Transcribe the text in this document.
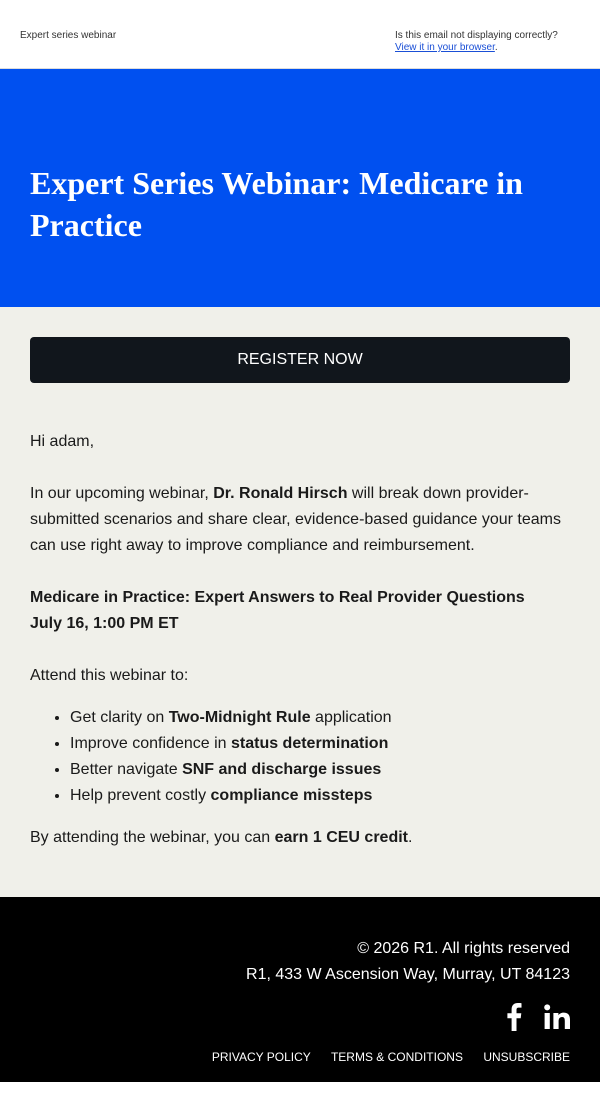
Expert series webinar	Is this email not displaying correctly?
View it in your browser.
Expert Series Webinar: Medicare in Practice
REGISTER NOW

Hi adam,

In our upcoming webinar, Dr. Ronald Hirsch will break down provider-submitted scenarios and share clear, evidence-based guidance your teams can use right away to improve compliance and reimbursement.

Medicare in Practice: Expert Answers to Real Provider Questions
July 16, 1:00 PM ET

Attend this webinar to:

• Get clarity on Two-Midnight Rule application
• Improve confidence in status determination
• Better navigate SNF and discharge issues
• Help prevent costly compliance missteps

By attending the webinar, you can earn 1 CEU credit.

© 2026 R1. All rights reserved
R1, 433 W Ascension Way, Murray, UT 84123

PRIVACY POLICY TERMS & CONDITIONS UNSUBSCRIBE
